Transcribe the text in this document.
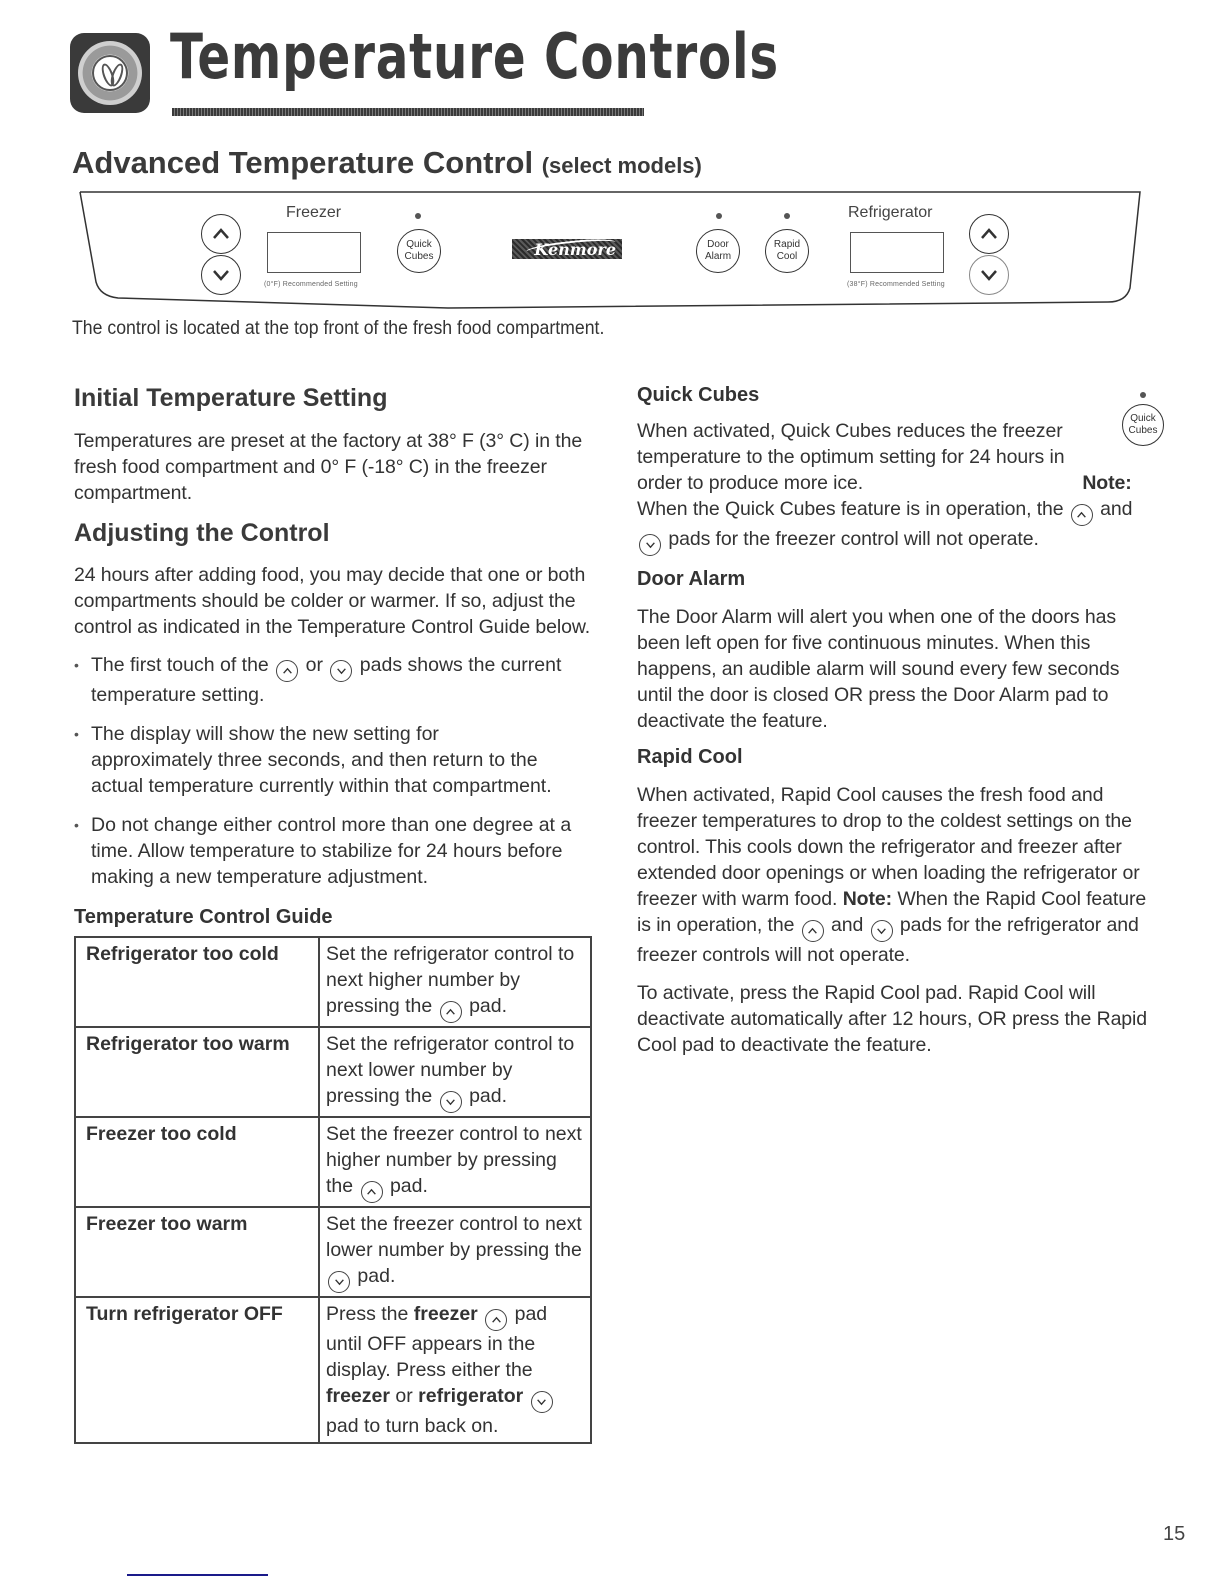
Temperature Controls
Advanced Temperature Control (select models)
Freezer
(0°F) Recommended Setting
Quick
Cubes	Kenmore	Door
Alarm
Rapid
Cool
Refrigerator
(38°F) Recommended Setting
The control is located at the top front of the fresh food compartment.
Initial Temperature Setting

Temperatures are preset at the factory at 38° F (3° C) in the fresh food compartment and 0° F (-18° C) in the freezer compartment.

Adjusting the Control

24 hours after adding food, you may decide that one or both compartments should be colder or warmer. If so, adjust the control as indicated in the Temperature Control Guide below.

• The first touch of the or pads shows the current temperature setting.
• The display will show the new setting for approximately three seconds, and then return to the actual temperature currently within that compartment.
• Do not change either control more than one degree at a time. Allow temperature to stabilize for 24 hours before making a new temperature adjustment.
Temperature Control Guide
Refrigerator too cold	Set the refrigerator control to next higher number by pressing the pad.
Refrigerator too warm	Set the refrigerator control to next lower number by pressing the pad.
Freezer too cold	Set the freezer control to next higher number by pressing the pad.
Freezer too warm	Set the freezer control to next lower number by pressing the
pad.
Turn refrigerator OFF	Press the freezer pad until OFF appears in the display. Press either the freezer or refrigerator
pad to turn back on.
Quick
Cubes
Quick Cubes

When activated, Quick Cubes reduces the freezer temperature to the optimum setting for 24 hours in order to produce more ice.	Note: When the Quick Cubes feature is in operation, the and
pads for the freezer control will not operate.

Door Alarm

The Door Alarm will alert you when one of the doors has been left open for five continuous minutes. When this happens, an audible alarm will sound every few seconds until the door is closed OR press the Door Alarm pad to deactivate the feature.

Rapid Cool

When activated, Rapid Cool causes the fresh food and freezer temperatures to drop to the coldest settings on the control. This cools down the refrigerator and freezer after extended door openings or when loading the refrigerator or freezer with warm food. Note: When the Rapid Cool feature is in operation, the and pads for the refrigerator and freezer controls will not operate.

To activate, press the Rapid Cool pad. Rapid Cool will deactivate automatically after 12 hours, OR press the Rapid Cool pad to deactivate the feature.

15
